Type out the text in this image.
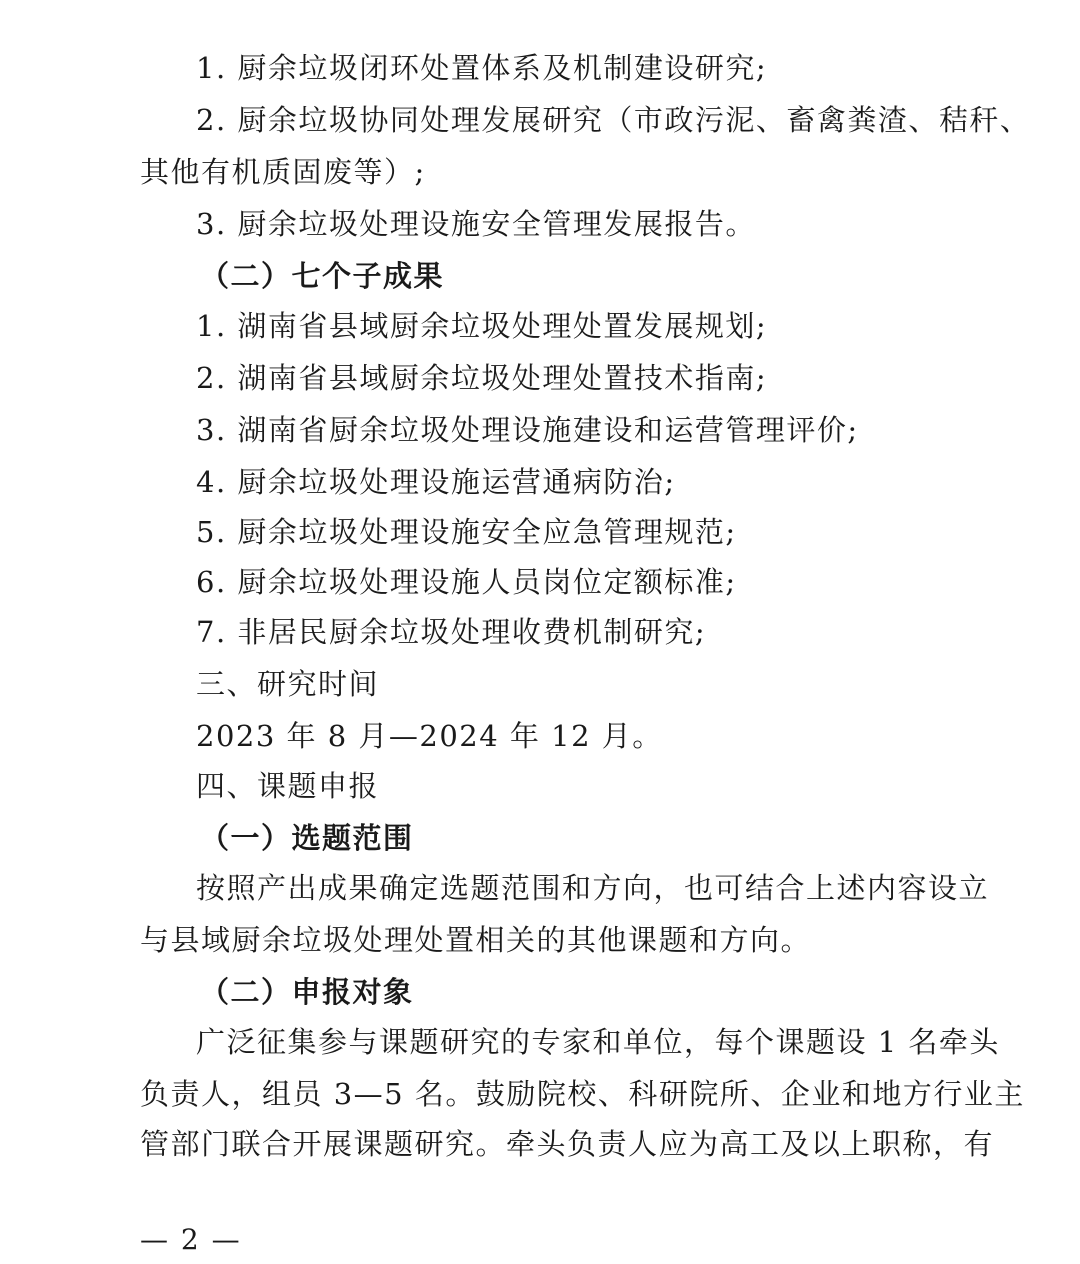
1. 厨余垃圾闭环处置体系及机制建设研究;
2. 厨余垃圾协同处理发展研究（市政污泥、畜禽粪渣、秸秆、
其他有机质固废等）;
3. 厨余垃圾处理设施安全管理发展报告。
（二）七个子成果
1. 湖南省县域厨余垃圾处理处置发展规划;
2. 湖南省县域厨余垃圾处理处置技术指南;
3. 湖南省厨余垃圾处理设施建设和运营管理评价;
4. 厨余垃圾处理设施运营通病防治;
5. 厨余垃圾处理设施安全应急管理规范;
6. 厨余垃圾处理设施人员岗位定额标准;
7. 非居民厨余垃圾处理收费机制研究;
三、研究时间
2023 年 8 月—2024 年 12 月。
四、课题申报
（一）选题范围
按照产出成果确定选题范围和方向，也可结合上述内容设立
与县域厨余垃圾处理处置相关的其他课题和方向。
（二）申报对象
广泛征集参与课题研究的专家和单位，每个课题设 1 名牵头
负责人，组员 3—5 名。鼓励院校、科研院所、企业和地方行业主
管部门联合开展课题研究。牵头负责人应为高工及以上职称，有
— 2 —
